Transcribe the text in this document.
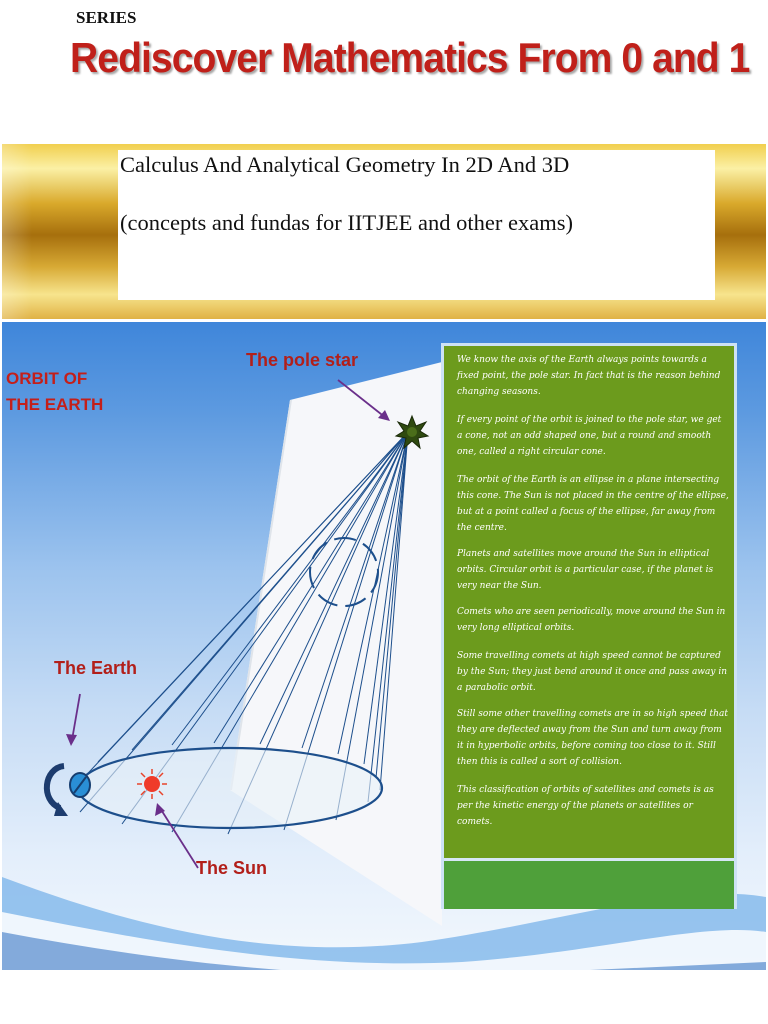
SERIES
Rediscover Mathematics From 0 and 1
Calculus And Analytical Geometry In 2D And 3D
(concepts and fundas for IITJEE and other exams)
ORBIT OF THE EARTH
The pole star
The Earth
The Sun

We know the axis of the Earth always points towards a fixed point, the pole star. In fact that is the reason behind changing seasons.

If every point of the orbit is joined to the pole star, we get a cone, not an odd shaped one, but a round and smooth one, called a right circular cone.

The orbit of the Earth is an ellipse in a plane intersecting this cone. The Sun is not placed in the centre of the ellipse, but at a point called a focus of the ellipse, far away from the centre.

Planets and satellites move around the Sun in elliptical orbits. Circular orbit is a particular case, if the planet is very near the Sun.

Comets who are seen periodically, move around the Sun in very long elliptical orbits.

Some travelling comets at high speed cannot be captured by the Sun; they just bend around it once and pass away in a parabolic orbit.

Still some other travelling comets are in so high speed that they are deflected away from the Sun and turn away from it in hyperbolic orbits, before coming too close to it. Still then this is called a sort of collision.

This classification of orbits of satellites and comets is as per the kinetic energy of the planets or satellites or comets.
